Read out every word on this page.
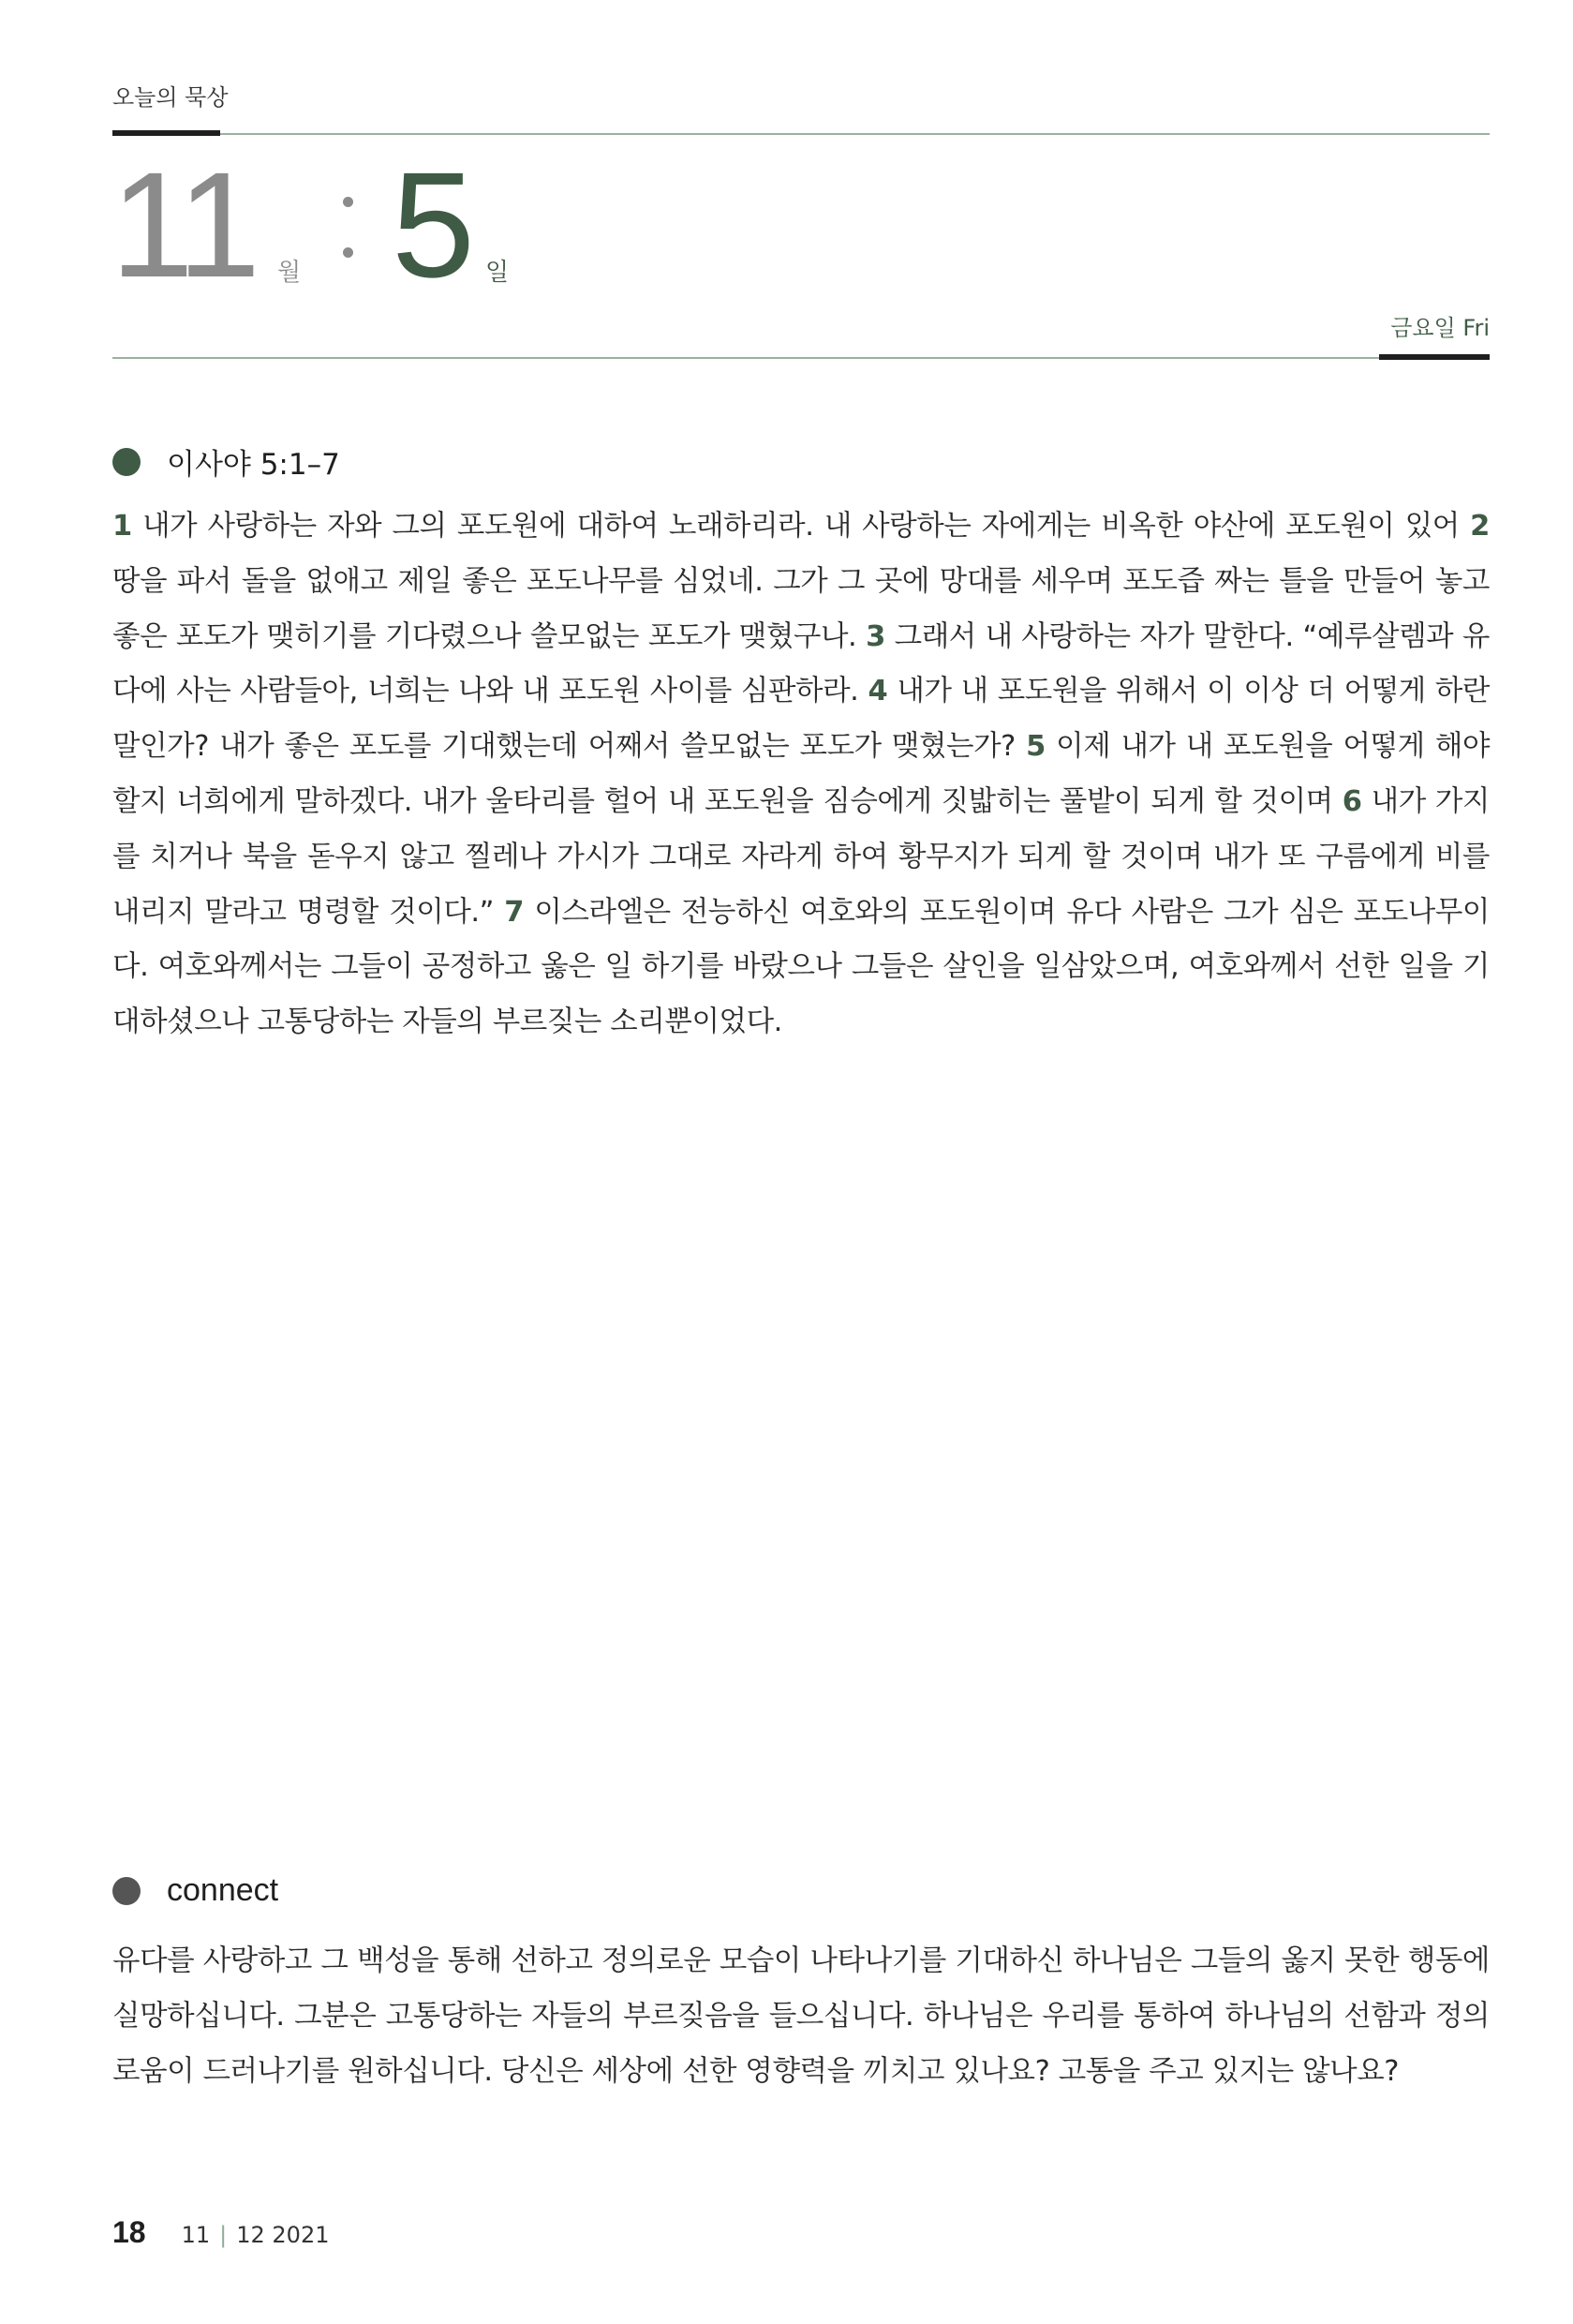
오늘의 묵상
11 월 5 일
금요일 Fri
이사야 5:1–7
1 내가 사랑하는 자와 그의 포도원에 대하여 노래하리라. 내 사랑하는 자에게는 비옥한 야산에 포도원이 있어 2 땅을 파서 돌을 없애고 제일 좋은 포도나무를 심었네. 그가 그 곳에 망대를 세우며 포도즙 짜는 틀을 만들어 놓고 좋은 포도가 맺히기를 기다렸으나 쓸모없는 포도가 맺혔구나. 3 그래서 내 사랑하는 자가 말한다. “예루살렘과 유다에 사는 사람들아, 너희는 나와 내 포도원 사이를 심판하라. 4 내가 내 포도원을 위해서 이 이상 더 어떻게 하란 말인가? 내가 좋은 포도를 기대했는데 어째서 쓸모없는 포도가 맺혔는가? 5 이제 내가 내 포도원을 어떻게 해야 할지 너희에게 말하겠다. 내가 울타리를 헐어 내 포도원을 짐승에게 짓밟히는 풀밭이 되게 할 것이며 6 내가 가지를 치거나 북을 돋우지 않고 찔레나 가시가 그대로 자라게 하여 황무지가 되게 할 것이며 내가 또 구름에게 비를 내리지 말라고 명령할 것이다.” 7 이스라엘은 전능하신 여호와의 포도원이며 유다 사람은 그가 심은 포도나무이다. 여호와께서는 그들이 공정하고 옳은 일 하기를 바랐으나 그들은 살인을 일삼았으며, 여호와께서 선한 일을 기대하셨으나 고통당하는 자들의 부르짖는 소리뿐이었다.
connect
유다를 사랑하고 그 백성을 통해 선하고 정의로운 모습이 나타나기를 기대하신 하나님은 그들의 옳지 못한 행동에 실망하십니다. 그분은 고통당하는 자들의 부르짖음을 들으십니다. 하나님은 우리를 통하여 하나님의 선함과 정의로움이 드러나기를 원하십니다. 당신은 세상에 선한 영향력을 끼치고 있나요? 고통을 주고 있지는 않나요?
18 11 | 12 2021
